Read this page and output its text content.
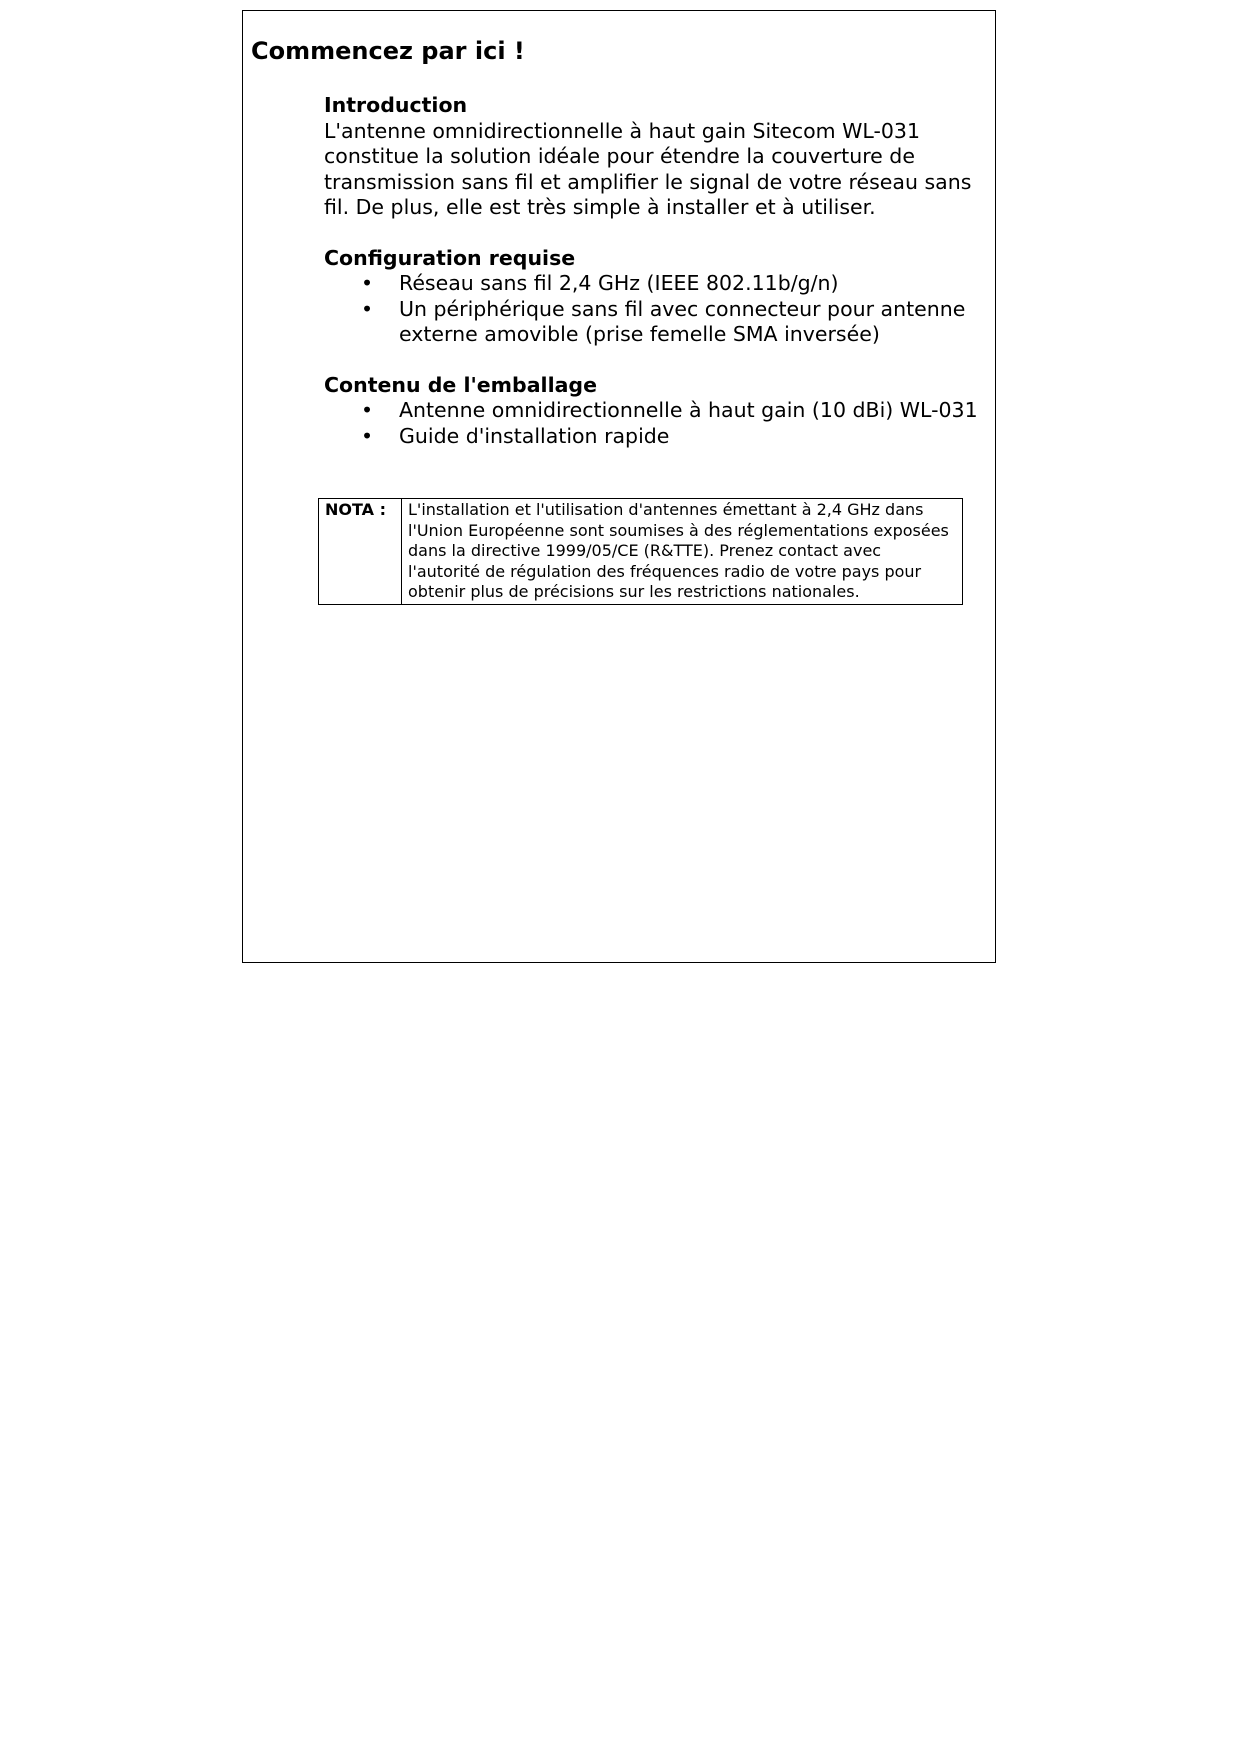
Commencez par ici !
Introduction

L'antenne omnidirectionnelle à haut gain Sitecom WL-031 constitue la solution idéale pour étendre la couverture de transmission sans fil et amplifier le signal de votre réseau sans fil. De plus, elle est très simple à installer et à utiliser.

Configuration requise
• Réseau sans fil 2,4 GHz (IEEE 802.11b/g/n)
• Un périphérique sans fil avec connecteur pour antenne externe amovible (prise femelle SMA inversée)
Contenu de l'emballage
• Antenne omnidirectionnelle à haut gain (10 dBi) WL-031
• Guide d'installation rapide
NOTA :	L'installation et l'utilisation d'antennes émettant à 2,4 GHz dans l'Union Européenne sont soumises à des réglementations exposées dans la directive 1999/05/CE (R&TTE). Prenez contact avec l'autorité de régulation des fréquences radio de votre pays pour obtenir plus de précisions sur les restrictions nationales.
